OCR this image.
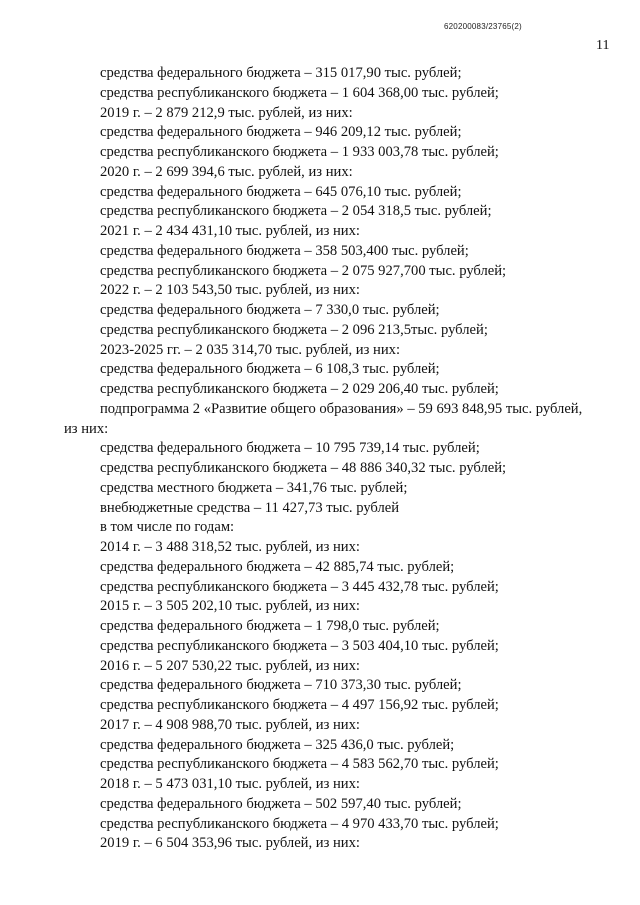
620200083/23765(2)
11
средства федерального бюджета – 315 017,90 тыс. рублей;
средства республиканского бюджета – 1 604 368,00 тыс. рублей;
2019 г. – 2 879 212,9 тыс. рублей, из них:
средства федерального бюджета – 946 209,12 тыс. рублей;
средства республиканского бюджета – 1 933 003,78 тыс. рублей;
2020 г. – 2 699 394,6 тыс. рублей, из них:
средства федерального бюджета – 645 076,10 тыс. рублей;
средства республиканского бюджета – 2 054 318,5 тыс. рублей;
2021 г. – 2 434 431,10 тыс. рублей, из них:
средства федерального бюджета – 358 503,400 тыс. рублей;
средства республиканского бюджета – 2 075 927,700 тыс. рублей;
2022 г. – 2 103 543,50 тыс. рублей, из них:
средства федерального бюджета – 7 330,0 тыс. рублей;
средства республиканского бюджета – 2 096 213,5тыс. рублей;
2023-2025 гг. – 2 035 314,70 тыс. рублей, из них:
средства федерального бюджета – 6 108,3 тыс. рублей;
средства республиканского бюджета – 2 029 206,40 тыс. рублей;
подпрограмма 2 «Развитие общего образования» – 59 693 848,95 тыс. рублей,
из них:
средства федерального бюджета – 10 795 739,14 тыс. рублей;
средства республиканского бюджета – 48 886 340,32 тыс. рублей;
средства местного бюджета – 341,76 тыс. рублей;
внебюджетные средства – 11 427,73 тыс. рублей
в том числе по годам:
2014 г. – 3 488 318,52 тыс. рублей, из них:
средства федерального бюджета – 42 885,74 тыс. рублей;
средства республиканского бюджета – 3 445 432,78 тыс. рублей;
2015 г. – 3 505 202,10 тыс. рублей, из них:
средства федерального бюджета – 1 798,0 тыс. рублей;
средства республиканского бюджета – 3 503 404,10 тыс. рублей;
2016 г. – 5 207 530,22 тыс. рублей, из них:
средства федерального бюджета – 710 373,30 тыс. рублей;
средства республиканского бюджета – 4 497 156,92 тыс. рублей;
2017 г. – 4 908 988,70 тыс. рублей, из них:
средства федерального бюджета – 325 436,0 тыс. рублей;
средства республиканского бюджета – 4 583 562,70 тыс. рублей;
2018 г. – 5 473 031,10 тыс. рублей, из них:
средства федерального бюджета – 502 597,40 тыс. рублей;
средства республиканского бюджета – 4 970 433,70 тыс. рублей;
2019 г. – 6 504 353,96 тыс. рублей, из них:
